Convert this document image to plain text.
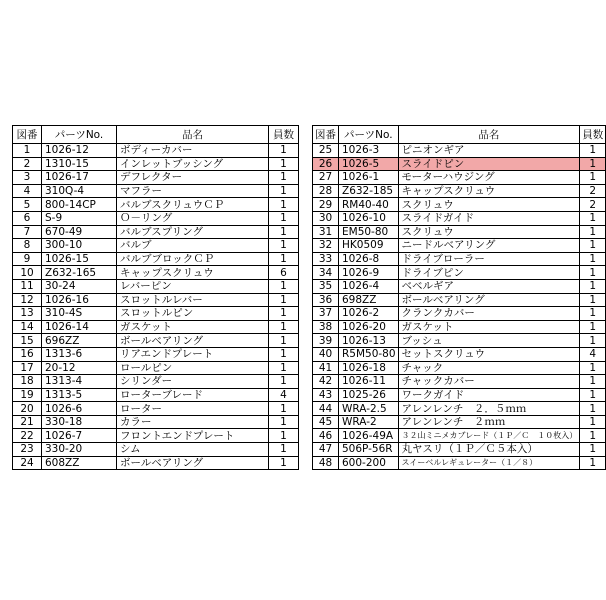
図番	パーツNo.	品名	員数
1	1026-12	ボディーカバー	1
2	1310-15	インレットブッシング	1
3	1026-17	デフレクター	1
4	310Q-4	マフラー	1
5	800-14CP	バルブスクリュウＣＰ	1
6	S-9	Ｏ－リング	1
7	670-49	バルブスプリング	1
8	300-10	バルブ	1
9	1026-15	バルブブロックＣＰ	1
10	Z632-165	キャップスクリュウ	6
11	30-24	レバーピン	1
12	1026-16	スロットルレバー	1
13	310-4S	スロットルピン	1
14	1026-14	ガスケット	1
15	696ZZ	ボールベアリング	1
16	1313-6	リアエンドプレート	1
17	20-12	ロールピン	1
18	1313-4	シリンダー	1
19	1313-5	ローターブレード	4
20	1026-6	ローター	1
21	330-18	カラー	1
22	1026-7	フロントエンドプレート	1
23	330-20	シム	1
24	608ZZ	ボールベアリング	1
図番	パーツNo.	品名	員数
25	1026-3	ピニオンギア	1
26	1026-5	スライドピン	1
27	1026-1	モーターハウジング	1
28	Z632-185	キャップスクリュウ	2
29	RM40-40	スクリュウ	2
30	1026-10	スライドガイド	1
31	EM50-80	スクリュウ	1
32	HK0509	ニードルベアリング	1
33	1026-8	ドライブローラー	1
34	1026-9	ドライブピン	1
35	1026-4	ベベルギア	1
36	698ZZ	ボールベアリング	1
37	1026-2	クランクカバー	1
38	1026-20	ガスケット	1
39	1026-13	ブッシュ	1
40	R5M50-80	セットスクリュウ	4
41	1026-18	チャック	1
42	1026-11	チャックカバー	1
43	1025-26	ワークガイド	1
44	WRA-2.5	アレンレンチ　２．５ｍｍ	1
45	WRA-2	アレンレンチ　２ｍｍ	1
46	1026-49A	３２山ミニメカブレード（１Ｐ／Ｃ　１０枚入）	1
47	506P-56R	丸ヤスリ（１Ｐ／Ｃ５本入）	1
48	600-200	スイーベルレギュレーター（１／８）	1
